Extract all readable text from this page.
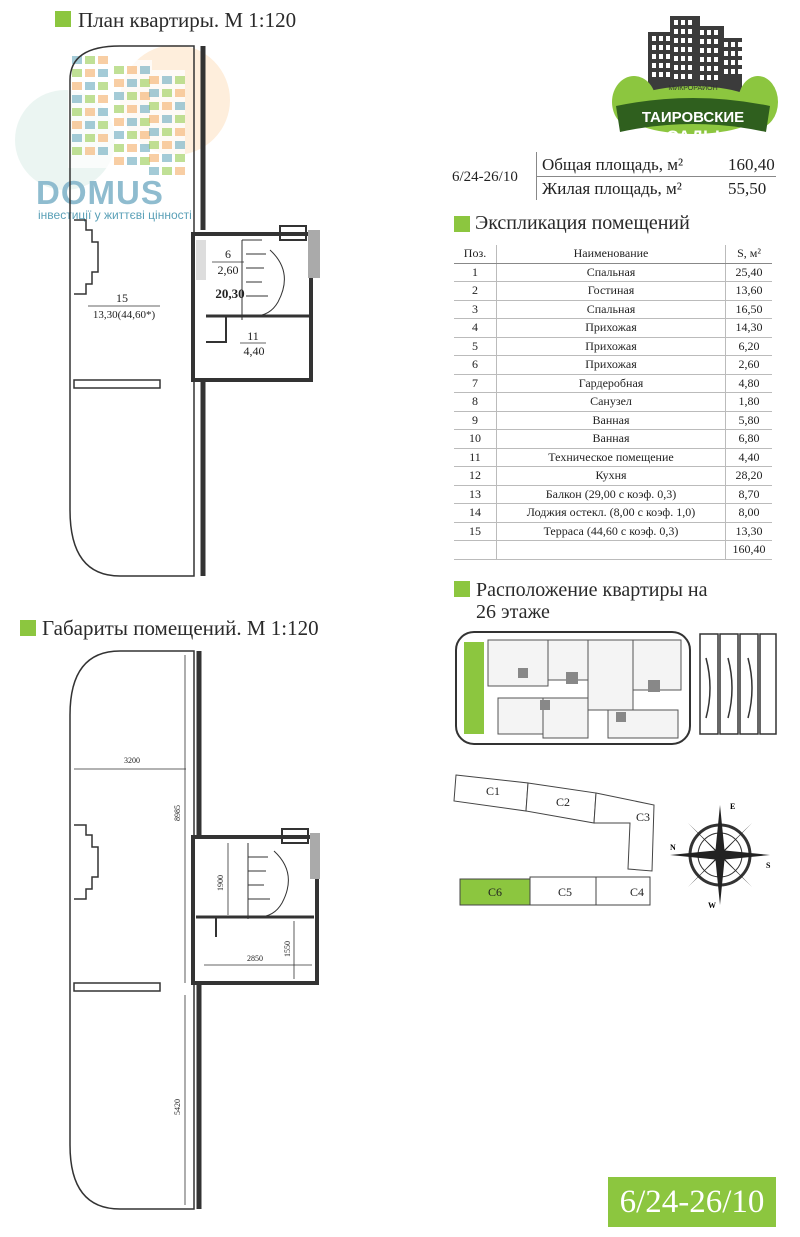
DOMUS
інвестиції у життєві цінності
План квартиры. М 1:120
Габариты помещений. М 1:120
МИКРОРАЙОН
ТАИРОВСКИЕ
САДЫ
6/24-26/10
Общая площадь, м²	160,40
Жилая площадь, м²	55,50
Экспликация помещений
Поз.	Наименование	S, м²
1	Спальная	25,40
2	Гостиная	13,60
3	Спальная	16,50
4	Прихожая	14,30
5	Прихожая	6,20
6	Прихожая	2,60
7	Гардеробная	4,80
8	Санузел	1,80
9	Ванная	5,80
10	Ванная	6,80
11	Техническое помещение	4,40
12	Кухня	28,20
13	Балкон (29,00 с коэф. 0,3)	8,70
14	Лоджия остекл. (8,00 с коэф. 1,0)	8,00
15	Терраса (44,60 с коэф. 0,3)	13,30
		160,40
Расположение квартиры на
26 этаже
C1
C2
C3
C4
C5
C6
E
N
S
W
15
13,30(44,60*)
6
2,60
20,30
11
4,40
3200
8985
1900
1550
2850
5420
6/24-26/10
